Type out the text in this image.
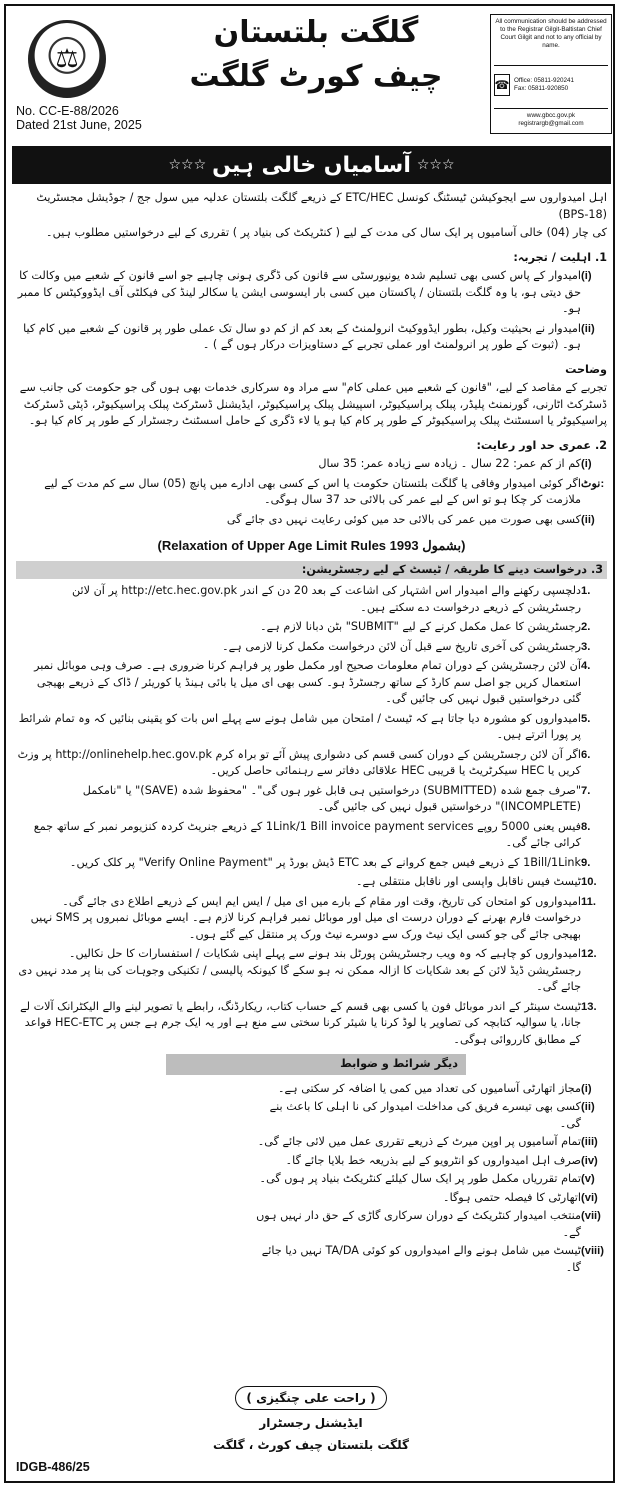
⚖
No. CC-E-88/2026
Dated 21st June, 2025
گلگت بلتستان
چیف کورٹ گلگت
All communication should be addressed to the Registrar Gilgit-Baltistan Chief Court Gilgit and not to any official by name.
☎ Office: 05811-920241
Fax: 05811-920850
www.gbcc.gov.pk
registrargb@gmail.com
☆☆☆
آسامیاں خالی ہیں
☆☆☆

اہل امیدواروں سے ایجوکیشن ٹیسٹنگ کونسل ETC/HEC کے ذریعے گلگت بلتستان عدلیہ میں سول جج / جوڈیشل مجسٹریٹ (BPS-18)

کی چار (04) خالی آسامیوں پر ایک سال کی مدت کے لیے ( کنٹریکٹ کی بنیاد پر ) تقرری کے لیے درخواستیں مطلوب ہیں۔

1. اہلیت / تجربہ:
(i)
امیدوار کے پاس کسی بھی تسلیم شدہ یونیورسٹی سے قانون کی ڈگری ہونی چاہیے جو اسے قانون کے شعبے میں وکالت کا حق دیتی ہو، یا وہ گلگت بلتستان / پاکستان میں کسی بار ایسوسی ایشن یا سکالر لینڈ کی فیکلٹی آف ایڈووکیٹس کا ممبر ہو۔
(ii)
امیدوار نے بحیثیت وکیل، بطور ایڈووکیٹ انرولمنٹ کے بعد کم از کم دو سال تک عملی طور پر قانون کے شعبے میں کام کیا ہو۔ (ثبوت کے طور پر انرولمنٹ اور عملی تجربے کے دستاویزات درکار ہوں گے ) ۔
وضاحت

تجربے کے مقاصد کے لیے، "قانون کے شعبے میں عملی کام" سے مراد وہ سرکاری خدمات بھی ہوں گی جو حکومت کی جانب سے ڈسٹرکٹ اٹارنی، گورنمنٹ پلیڈر، پبلک پراسیکیوٹر، اسپیشل پبلک پراسیکیوٹر، ایڈیشنل ڈسٹرکٹ پبلک پراسیکیوٹر، ڈپٹی ڈسٹرکٹ پراسیکیوٹر یا اسسٹنٹ پبلک پراسیکیوٹر کے طور پر کام کیا ہو یا لاء ڈگری کے حامل اسسٹنٹ رجسٹرار کے طور پر کام کیا ہو۔

2. عمری حد اور رعایت:
(i)
کم از کم عمر: 22 سال ۔ زیادہ سے زیادہ عمر: 35 سال
نوٹ:
اگر کوئی امیدوار وفاقی یا گلگت بلتستان حکومت یا اس کے کسی بھی ادارے میں پانچ (05) سال سے کم مدت کے لیے ملازمت کر چکا ہو تو اس کے لیے عمر کی بالائی حد 37 سال ہوگی۔
(ii)
کسی بھی صورت میں عمر کی بالائی حد میں کوئی رعایت نہیں دی جائے گی
(Relaxation of Upper Age Limit Rules 1993 بشمول)
3. درخواست دینے کا طریقہ / ٹیسٹ کے لیے رجسٹریشن:
1.
دلچسپی رکھنے والے امیدوار اس اشتہار کی اشاعت کے بعد 20 دن کے اندر http://etc.hec.gov.pk پر آن لائن رجسٹریشن کے ذریعے درخواست دے سکتے ہیں۔
2.
رجسٹریشن کا عمل مکمل کرنے کے لیے "SUBMIT" بٹن دبانا لازم ہے۔
3.
رجسٹریشن کی آخری تاریخ سے قبل آن لائن درخواست مکمل کرنا لازمی ہے۔
4.
آن لائن رجسٹریشن کے دوران تمام معلومات صحیح اور مکمل طور پر فراہم کرنا ضروری ہے۔ صرف وہی موبائل نمبر استعمال کریں جو اصل سم کارڈ کے ساتھ رجسٹرڈ ہو۔ کسی بھی ای میل یا بائی ہینڈ یا کوریئر / ڈاک کے ذریعے بھیجی گئی درخواستیں قبول نہیں کی جائیں گی۔
5.
امیدواروں کو مشورہ دیا جاتا ہے کہ ٹیسٹ / امتحان میں شامل ہونے سے پہلے اس بات کو یقینی بنائیں کہ وہ تمام شرائط پر پورا اترتے ہیں۔
6.
اگر آن لائن رجسٹریشن کے دوران کسی قسم کی دشواری پیش آئے تو براہ کرم http://onlinehelp.hec.gov.pk پر وزٹ کریں یا HEC سیکرٹریٹ یا قریبی HEC علاقائی دفاتر سے رہنمائی حاصل کریں۔
7.
"صرف جمع شدہ (SUBMITTED) درخواستیں ہی قابل غور ہوں گی"۔ "محفوظ شدہ (SAVE)" یا "نامکمل (INCOMPLETE)" درخواستیں قبول نہیں کی جائیں گی۔
8.
فیس یعنی 5000 روپے 1Link/1 Bill invoice payment services کے ذریعے جنریٹ کردہ کنزیومر نمبر کے ساتھ جمع کرائی جائے گی۔
9.
1Bill/1Link کے ذریعے فیس جمع کروانے کے بعد ETC ڈیش بورڈ پر "Verify Online Payment" پر کلک کریں۔
10.
ٹیسٹ فیس ناقابل واپسی اور ناقابل منتقلی ہے۔
11.
امیدواروں کو امتحان کی تاریخ، وقت اور مقام کے بارے میں ای میل / ایس ایم ایس کے ذریعے اطلاع دی جائے گی۔ درخواست فارم بھرنے کے دوران درست ای میل اور موبائل نمبر فراہم کرنا لازم ہے۔ ایسے موبائل نمبروں پر SMS نہیں بھیجی جائے گی جو کسی ایک نیٹ ورک سے دوسرے نیٹ ورک پر منتقل کیے گئے ہوں۔
12.
امیدواروں کو چاہیے کہ وہ ویب رجسٹریشن پورٹل بند ہونے سے پہلے اپنی شکایات / استفسارات کا حل نکالیں۔ رجسٹریشن ڈیڈ لائن کے بعد شکایات کا ازالہ ممکن نہ ہو سکے گا کیونکہ پالیسی / تکنیکی وجوہات کی بنا پر مدد نہیں دی جائے گی۔
13.
ٹیسٹ سینٹر کے اندر موبائل فون یا کسی بھی قسم کے حساب کتاب، ریکارڈنگ، رابطے یا تصویر لینے والے الیکٹرانک آلات لے جانا، یا سوالیہ کتابچہ کی تصاویر یا لوڈ کرنا یا شیئر کرنا سختی سے منع ہے اور یہ ایک جرم ہے جس پر HEC-ETC قواعد کے مطابق کارروائی ہوگی۔
دیگر شرائط و ضوابط
(i)
مجاز اتھارٹی آسامیوں کی تعداد میں کمی یا اضافہ کر سکتی ہے۔
(ii)
کسی بھی تیسرے فریق کی مداخلت امیدوار کی نا اہلی کا باعث بنے گی۔
(iii)
تمام آسامیوں پر اوپن میرٹ کے ذریعے تقرری عمل میں لائی جائے گی۔
(iv)
صرف اہل امیدواروں کو انٹرویو کے لیے بذریعہ خط بلایا جائے گا۔
(v)
تمام تقرریاں مکمل طور پر ایک سال کیلئے کنٹریکٹ بنیاد پر ہوں گی۔
(vi)
اتھارٹی کا فیصلہ حتمی ہوگا۔
(vii)
منتخب امیدوار کنٹریکٹ کے دوران سرکاری گاڑی کے حق دار نہیں ہوں گے۔
(viii)
ٹیسٹ میں شامل ہونے والے امیدواروں کو کوئی TA/DA نہیں دیا جائے گا۔
( راحت علی چنگیزی )
ایڈیشنل رجسٹرار
گلگت بلتستان چیف کورٹ ، گلگت
IDGB-486/25
